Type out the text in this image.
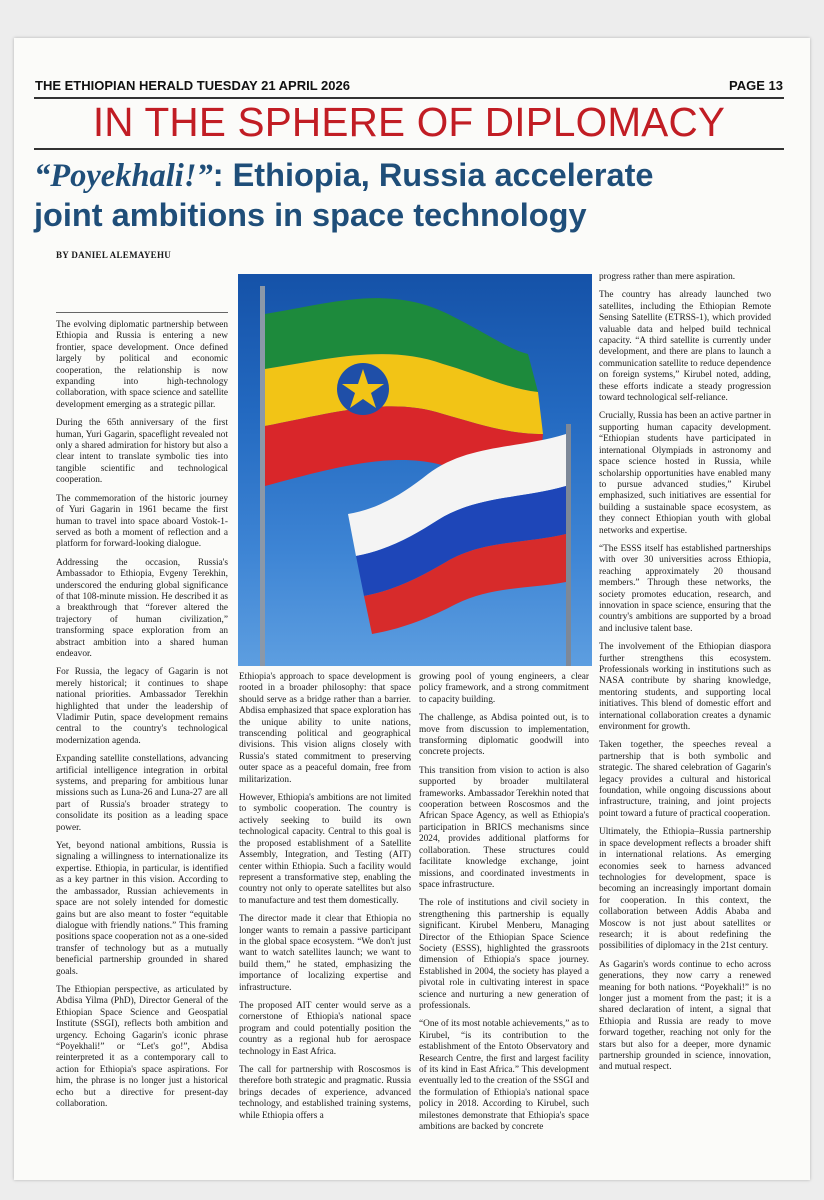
THE ETHIOPIAN HERALD TUESDAY 21 APRIL 2026	PAGE 13
IN THE SPHERE OF DIPLOMACY
“Poyekhali!”: Ethiopia, Russia accelerate
joint ambitions in space technology
BY DANIEL ALEMAYEHU

The evolving diplomatic partnership between Ethiopia and Russia is entering a new frontier, space development. Once defined largely by political and economic cooperation, the relationship is now expanding into high-technology collaboration, with space science and satellite development emerging as a strategic pillar.

During the 65th anniversary of the first human, Yuri Gagarin, spaceflight revealed not only a shared admiration for history but also a clear intent to translate symbolic ties into tangible scientific and technological cooperation.

The commemoration of the historic journey of Yuri Gagarin in 1961 became the first human to travel into space aboard Vostok-1- served as both a moment of reflection and a platform for forward-looking dialogue.

Addressing the occasion, Russia's Ambassador to Ethiopia, Evgeny Terekhin, underscored the enduring global significance of that 108-minute mission. He described it as a breakthrough that “forever altered the trajectory of human civilization,” transforming space exploration from an abstract ambition into a shared human endeavor.

For Russia, the legacy of Gagarin is not merely historical; it continues to shape national priorities. Ambassador Terekhin highlighted that under the leadership of Vladimir Putin, space development remains central to the country's technological modernization agenda.

Expanding satellite constellations, advancing artificial intelligence integration in orbital systems, and preparing for ambitious lunar missions such as Luna-26 and Luna-27 are all part of Russia's broader strategy to consolidate its position as a leading space power.

Yet, beyond national ambitions, Russia is signaling a willingness to internationalize its expertise. Ethiopia, in particular, is identified as a key partner in this vision. According to the ambassador, Russian achievements in space are not solely intended for domestic gains but are also meant to foster “equitable dialogue with friendly nations.” This framing positions space cooperation not as a one-sided transfer of technology but as a mutually beneficial partnership grounded in shared goals.

The Ethiopian perspective, as articulated by Abdisa Yilma (PhD), Director General of the Ethiopian Space Science and Geospatial Institute (SSGI), reflects both ambition and urgency. Echoing Gagarin's iconic phrase “Poyekhali!” or “Let's go!”, Abdisa reinterpreted it as a contemporary call to action for Ethiopia's space aspirations. For him, the phrase is no longer just a historical echo but a directive for present-day collaboration.

Ethiopia's approach to space development is rooted in a broader philosophy: that space should serve as a bridge rather than a barrier. Abdisa emphasized that space exploration has the unique ability to unite nations, transcending political and geographical divisions. This vision aligns closely with Russia's stated commitment to preserving outer space as a peaceful domain, free from militarization.

However, Ethiopia's ambitions are not limited to symbolic cooperation. The country is actively seeking to build its own technological capacity. Central to this goal is the proposed establishment of a Satellite Assembly, Integration, and Testing (AIT) center within Ethiopia. Such a facility would represent a transformative step, enabling the country not only to operate satellites but also to manufacture and test them domestically.

The director made it clear that Ethiopia no longer wants to remain a passive participant in the global space ecosystem. “We don't just want to watch satellites launch; we want to build them,” he stated, emphasizing the importance of localizing expertise and infrastructure.

The proposed AIT center would serve as a cornerstone of Ethiopia's national space program and could potentially position the country as a regional hub for aerospace technology in East Africa.

The call for partnership with Roscosmos is therefore both strategic and pragmatic. Russia brings decades of experience, advanced technology, and established training systems, while Ethiopia offers a

growing pool of young engineers, a clear policy framework, and a strong commitment to capacity building.

The challenge, as Abdisa pointed out, is to move from discussion to implementation, transforming diplomatic goodwill into concrete projects.

This transition from vision to action is also supported by broader multilateral frameworks. Ambassador Terekhin noted that cooperation between Roscosmos and the African Space Agency, as well as Ethiopia's participation in BRICS mechanisms since 2024, provides additional platforms for collaboration. These structures could facilitate knowledge exchange, joint missions, and coordinated investments in space infrastructure.

The role of institutions and civil society in strengthening this partnership is equally significant. Kirubel Menberu, Managing Director of the Ethiopian Space Science Society (ESSS), highlighted the grassroots dimension of Ethiopia's space journey. Established in 2004, the society has played a pivotal role in cultivating interest in space science and nurturing a new generation of professionals.

“One of its most notable achievements,” as to Kirubel, “is its contribution to the establishment of the Entoto Observatory and Research Centre, the first and largest facility of its kind in East Africa.” This development eventually led to the creation of the SSGI and the formulation of Ethiopia's national space policy in 2018. According to Kirubel, such milestones demonstrate that Ethiopia's space ambitions are backed by concrete

progress rather than mere aspiration.

The country has already launched two satellites, including the Ethiopian Remote Sensing Satellite (ETRSS-1), which provided valuable data and helped build technical capacity. “A third satellite is currently under development, and there are plans to launch a communication satellite to reduce dependence on foreign systems,” Kirubel noted, adding, these efforts indicate a steady progression toward technological self-reliance.

Crucially, Russia has been an active partner in supporting human capacity development. “Ethiopian students have participated in international Olympiads in astronomy and space science hosted in Russia, while scholarship opportunities have enabled many to pursue advanced studies,” Kirubel emphasized, such initiatives are essential for building a sustainable space ecosystem, as they connect Ethiopian youth with global networks and expertise.

“The ESSS itself has established partnerships with over 30 universities across Ethiopia, reaching approximately 20 thousand members.” Through these networks, the society promotes education, research, and innovation in space science, ensuring that the country's ambitions are supported by a broad and inclusive talent base.

The involvement of the Ethiopian diaspora further strengthens this ecosystem. Professionals working in institutions such as NASA contribute by sharing knowledge, mentoring students, and supporting local initiatives. This blend of domestic effort and international collaboration creates a dynamic environment for growth.

Taken together, the speeches reveal a partnership that is both symbolic and strategic. The shared celebration of Gagarin's legacy provides a cultural and historical foundation, while ongoing discussions about infrastructure, training, and joint projects point toward a future of practical cooperation.

Ultimately, the Ethiopia–Russia partnership in space development reflects a broader shift in international relations. As emerging economies seek to harness advanced technologies for development, space is becoming an increasingly important domain for cooperation. In this context, the collaboration between Addis Ababa and Moscow is not just about satellites or research; it is about redefining the possibilities of diplomacy in the 21st century.

As Gagarin's words continue to echo across generations, they now carry a renewed meaning for both nations. “Poyekhali!” is no longer just a moment from the past; it is a shared declaration of intent, a signal that Ethiopia and Russia are ready to move forward together, reaching not only for the stars but also for a deeper, more dynamic partnership grounded in science, innovation, and mutual respect.
